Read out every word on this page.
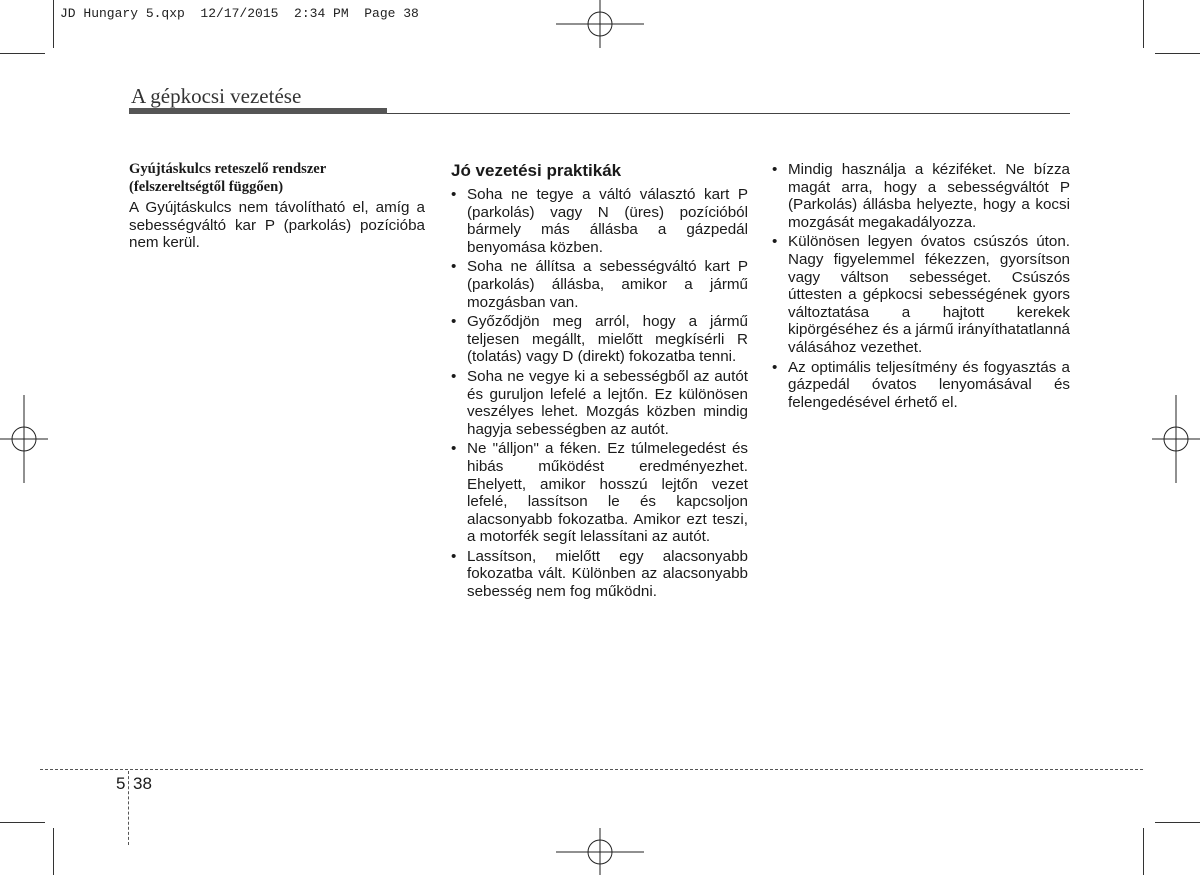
JD Hungary 5.qxp  12/17/2015  2:34 PM  Page 38
A gépkocsi vezetése
Gyújtáskulcs reteszelő rendszer
(felszereltségtől függően)

A Gyújtáskulcs nem távolítható el, amíg a sebességváltó kar P (parkolás) pozícióba nem kerül.

Jó vezetési praktikák
• Soha ne tegye a váltó választó kart P (parkolás) vagy N (üres) pozícióból bármely más állásba a gázpedál benyomása közben.
• Soha ne állítsa a sebességváltó kart P (parkolás) állásba, amikor a jármű mozgásban van.
• Győződjön meg arról, hogy a jármű teljesen megállt, mielőtt megkísérli R (tolatás) vagy D (direkt) fokozatba tenni.
• Soha ne vegye ki a sebességből az autót és guruljon lefelé a lejtőn. Ez különösen veszélyes lehet. Mozgás közben mindig hagyja sebességben az autót.
• Ne "álljon" a féken. Ez túlmelegedést és hibás működést eredményezhet. Ehelyett, amikor hosszú lejtőn vezet lefelé, lassítson le és kapcsoljon alacsonyabb fokozatba. Amikor ezt teszi, a motorfék segít lelassítani az autót.
• Lassítson, mielőtt egy alacsonyabb fokozatba vált. Különben az alacsonyabb sebesség nem fog működni.
• Mindig használja a kéziféket. Ne bízza magát arra, hogy a sebességváltót P (Parkolás) állásba helyezte, hogy a kocsi mozgását megakadályozza.
• Különösen legyen óvatos csúszós úton. Nagy figyelemmel fékezzen, gyorsítson vagy váltson sebességet. Csúszós úttesten a gépkocsi sebességének gyors változtatása a hajtott kerekek kipörgéséhez és a jármű irányíthatatlanná válásához vezethet.
• Az optimális teljesítmény és fogyasztás a gázpedál óvatos lenyomásával és felengedésével érhető el.
5 38
